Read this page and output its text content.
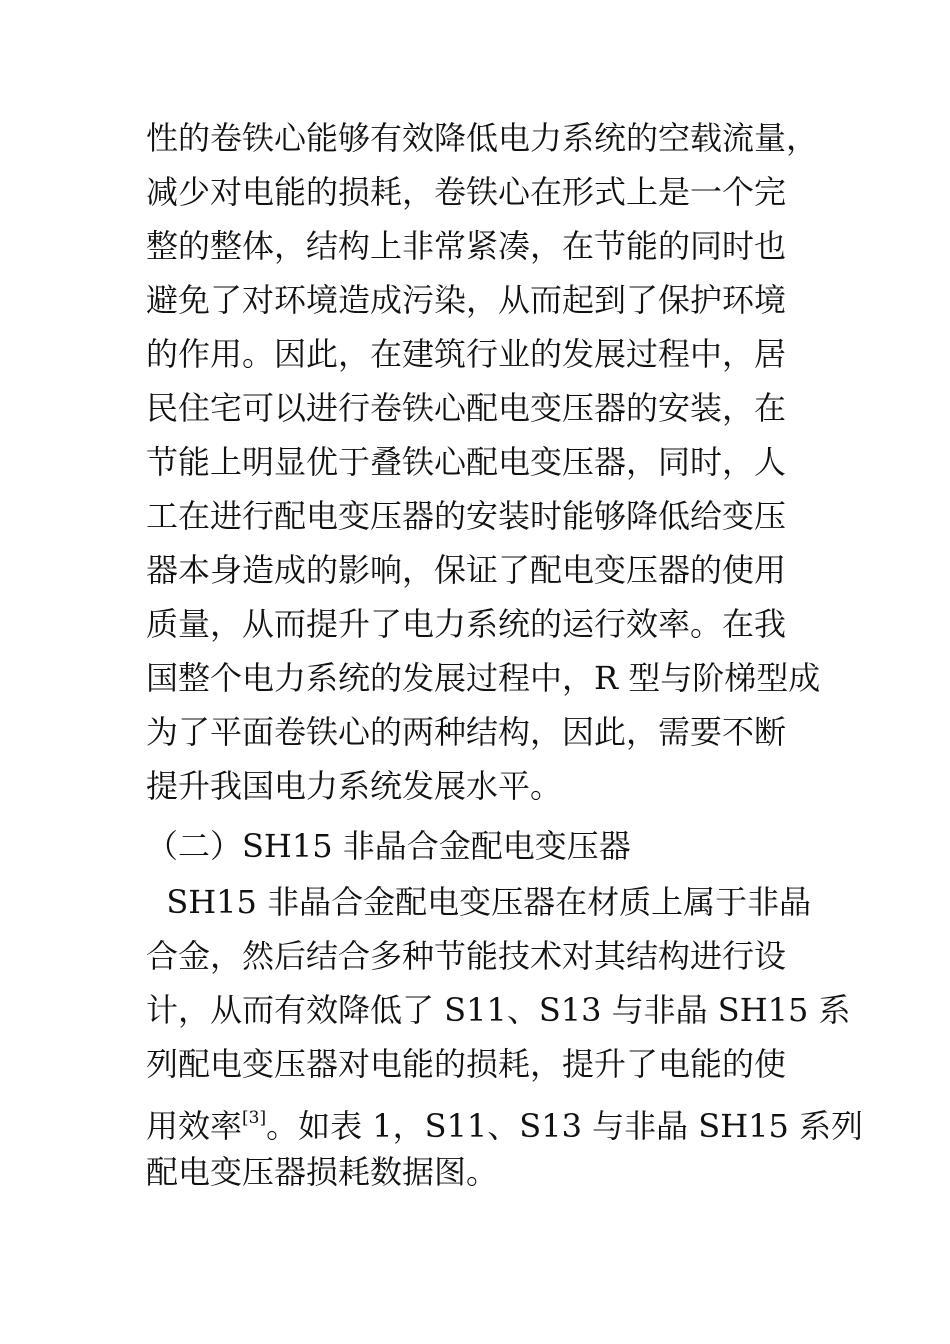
性的卷铁心能够有效降低电力系统的空载流量，
减少对电能的损耗，卷铁心在形式上是一个完
整的整体，结构上非常紧凑，在节能的同时也
避免了对环境造成污染，从而起到了保护环境
的作用。因此，在建筑行业的发展过程中，居
民住宅可以进行卷铁心配电变压器的安装，在
节能上明显优于叠铁心配电变压器，同时，人
工在进行配电变压器的安装时能够降低给变压
器本身造成的影响，保证了配电变压器的使用
质量，从而提升了电力系统的运行效率。在我
国整个电力系统的发展过程中，R 型与阶梯型成
为了平面卷铁心的两种结构，因此，需要不断
提升我国电力系统发展水平。
（二）SH15 非晶合金配电变压器
SH15 非晶合金配电变压器在材质上属于非晶
合金，然后结合多种节能技术对其结构进行设
计，从而有效降低了 S11、S13 与非晶 SH15 系
列配电变压器对电能的损耗，提升了电能的使
用效率[3]。如表 1，S11、S13 与非晶 SH15 系列
配电变压器损耗数据图。
